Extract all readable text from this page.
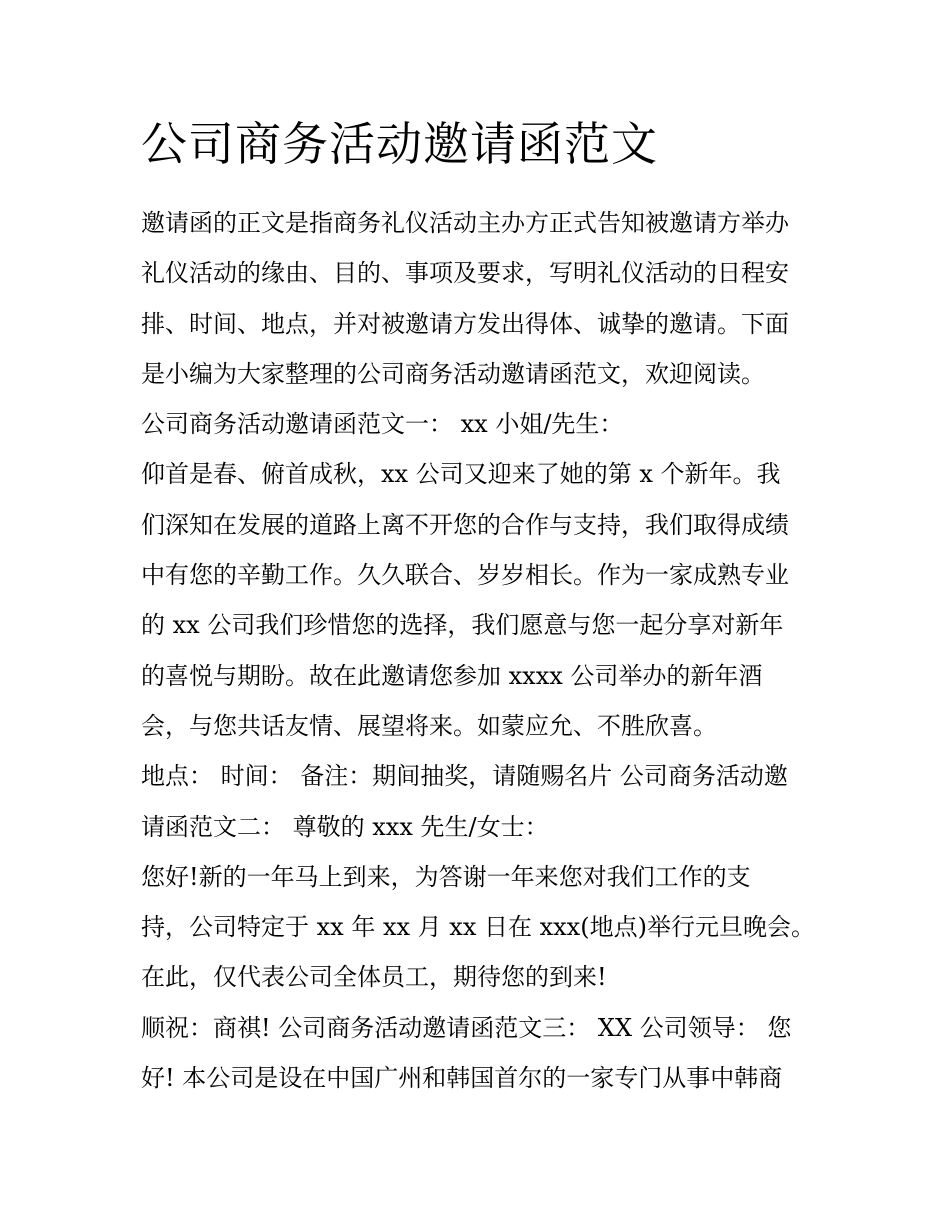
公司商务活动邀请函范文
邀请函的正文是指商务礼仪活动主办方正式告知被邀请方举办
礼仪活动的缘由、目的、事项及要求，写明礼仪活动的日程安
排、时间、地点，并对被邀请方发出得体、诚挚的邀请。下面
是小编为大家整理的公司商务活动邀请函范文，欢迎阅读。
公司商务活动邀请函范文一： xx 小姐/先生：
仰首是春、俯首成秋，xx 公司又迎来了她的第 x 个新年。我
们深知在发展的道路上离不开您的合作与支持，我们取得成绩
中有您的辛勤工作。久久联合、岁岁相长。作为一家成熟专业
的 xx 公司我们珍惜您的选择，我们愿意与您一起分享对新年
的喜悦与期盼。故在此邀请您参加 xxxx 公司举办的新年酒
会，与您共话友情、展望将来。如蒙应允、不胜欣喜。
地点： 时间： 备注：期间抽奖，请随赐名片 公司商务活动邀
请函范文二： 尊敬的 xxx 先生/女士：
您好!新的一年马上到来，为答谢一年来您对我们工作的支
持，公司特定于 xx 年 xx 月 xx 日在 xxx(地点)举行元旦晚会。
在此，仅代表公司全体员工，期待您的到来!
顺祝：商祺! 公司商务活动邀请函范文三： XX 公司领导： 您
好! 本公司是设在中国广州和韩国首尔的一家专门从事中韩商
